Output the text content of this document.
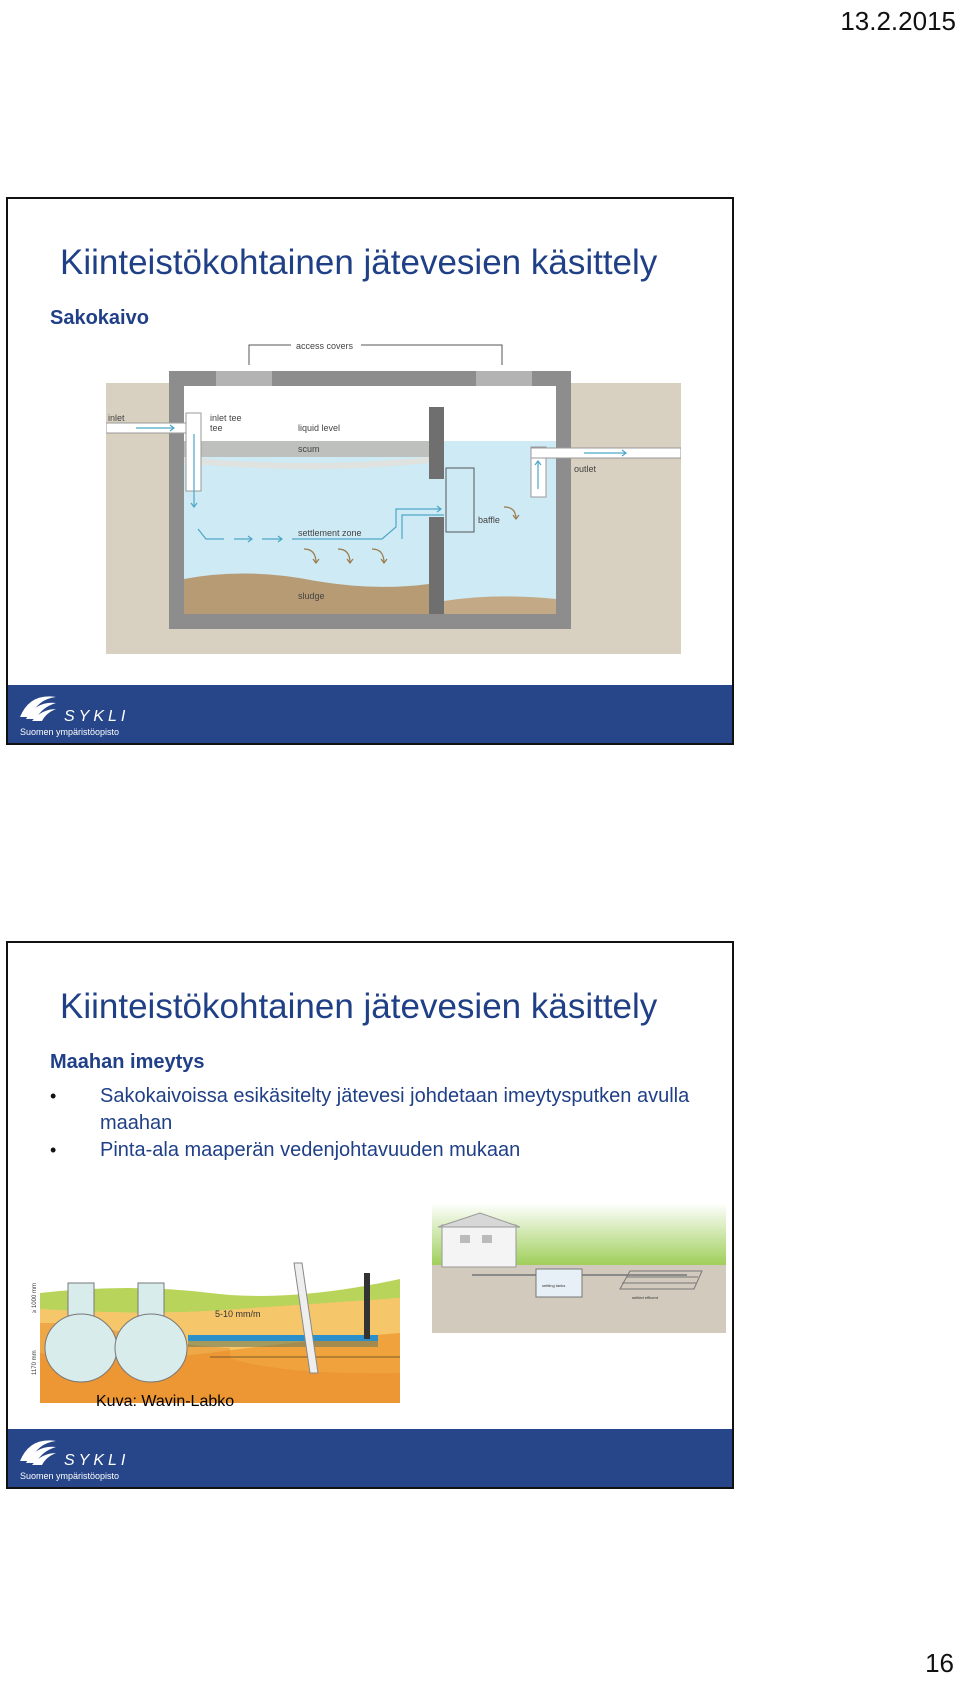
13.2.2015
Kiinteistökohtainen jätevesien käsittely
Sakokaivo
access covers
inlet	inlet tee
tee	liquid level
scum
outlet
baffle
settlement zone
sludge
SYKLI
Suomen ympäristöopisto
Kiinteistökohtainen jätevesien käsittely
Maahan imeytys
• Sakokaivoissa esikäsitelty jätevesi johdetaan imeytysputken avulla maahan
• Pinta-ala maaperän vedenjohtavuuden mukaan
5-10 mm/m
≥ 1000 mm
1170 mm
settling tanks
settled effluent
Kuva: Wavin-Labko
SYKLI
Suomen ympäristöopisto
16
